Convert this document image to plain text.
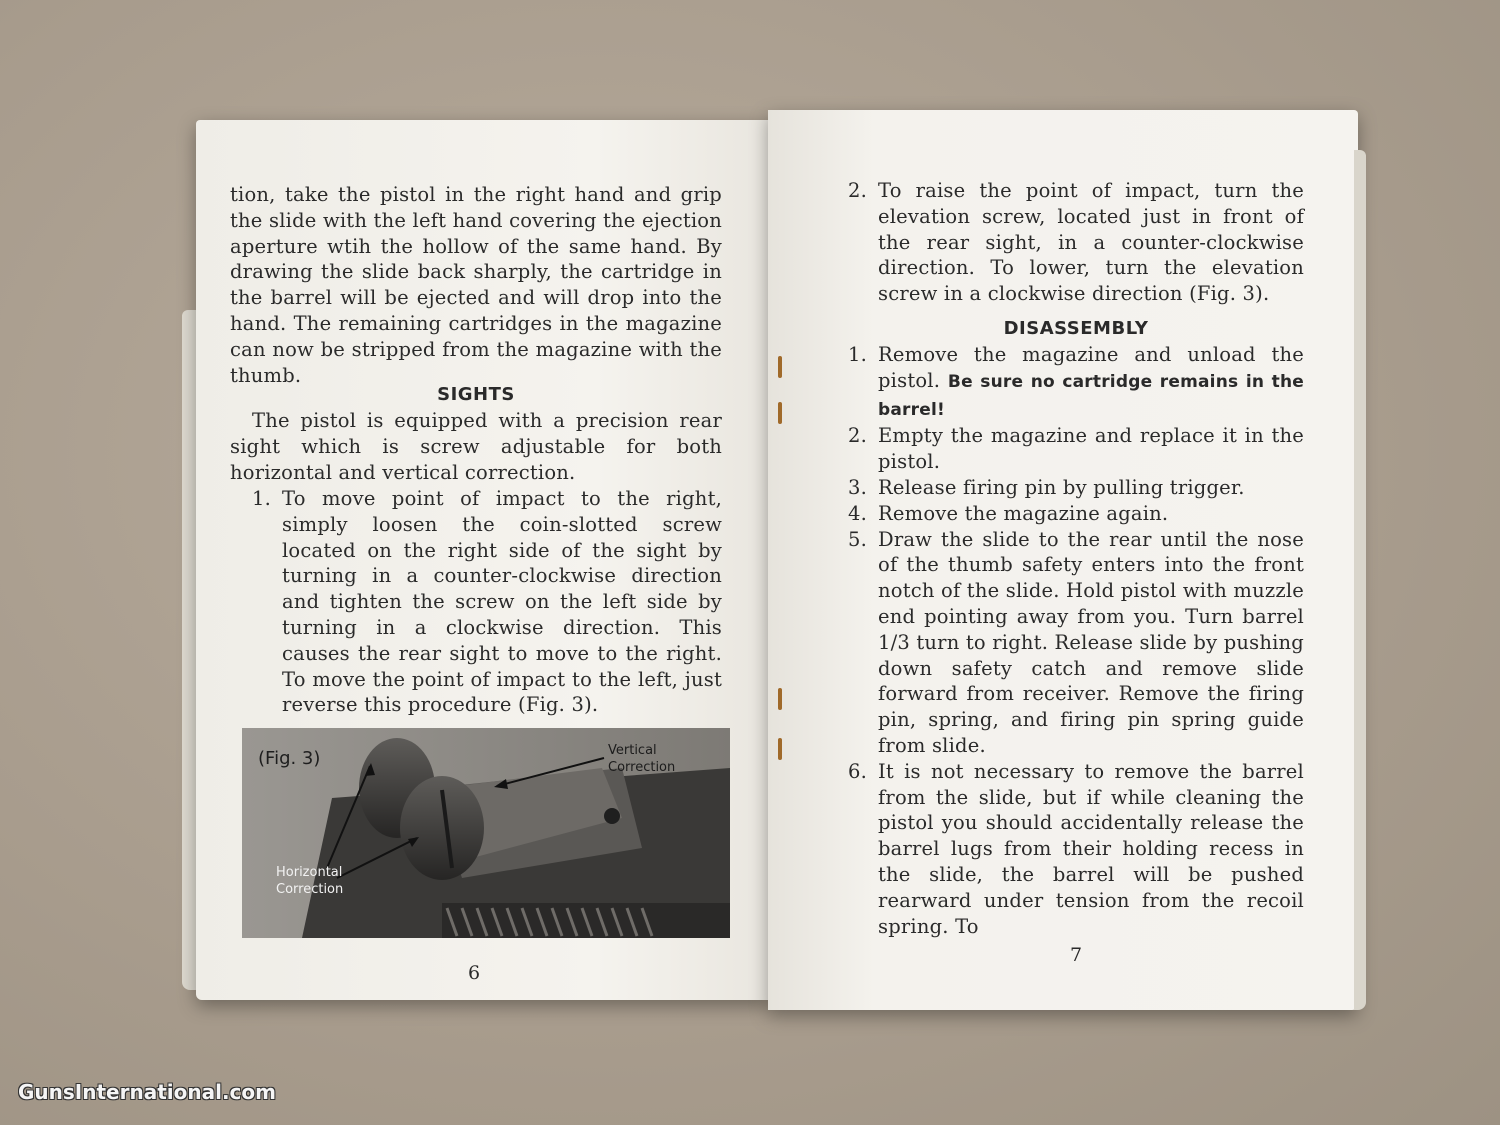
tion, take the pistol in the right hand and grip the slide with the left hand covering the ejection aperture wtih the hollow of the same hand. By drawing the slide back sharply, the cartridge in the barrel will be ejected and will drop into the hand. The remaining cartridges in the magazine can now be stripped from the magazine with the thumb.
SIGHTS
The pistol is equipped with a precision rear sight which is screw adjustable for both horizontal and vertical correction.
1. To move point of impact to the right, simply loosen the coin-slotted screw located on the right side of the sight by turning in a counter-clockwise direction and tighten the screw on the left side by turning in a clockwise direction. This causes the rear sight to move to the right. To move the point of impact to the left, just reverse this procedure (Fig. 3).
(Fig. 3)	Vertical
Correction
Horizontal
Correction
6
2. To raise the point of impact, turn the elevation screw, located just in front of the rear sight, in a counter-clockwise direction. To lower, turn the elevation screw in a clockwise direction (Fig. 3).
DISASSEMBLY
1. Remove the magazine and unload the pistol. Be sure no cartridge remains in the barrel!
2. Empty the magazine and replace it in the pistol.
3. Release firing pin by pulling trigger.
4. Remove the magazine again.
5. Draw the slide to the rear until the nose of the thumb safety enters into the front notch of the slide. Hold pistol with muzzle end pointing away from you. Turn barrel 1/3 turn to right. Release slide by pushing down safety catch and remove slide forward from receiver. Remove the firing pin, spring, and firing pin spring guide from slide.
6. It is not necessary to remove the barrel from the slide, but if while cleaning the pistol you should accidentally release the barrel lugs from their holding recess in the slide, the barrel will be pushed rearward under tension from the recoil spring. To
7
GunsInternational.com
